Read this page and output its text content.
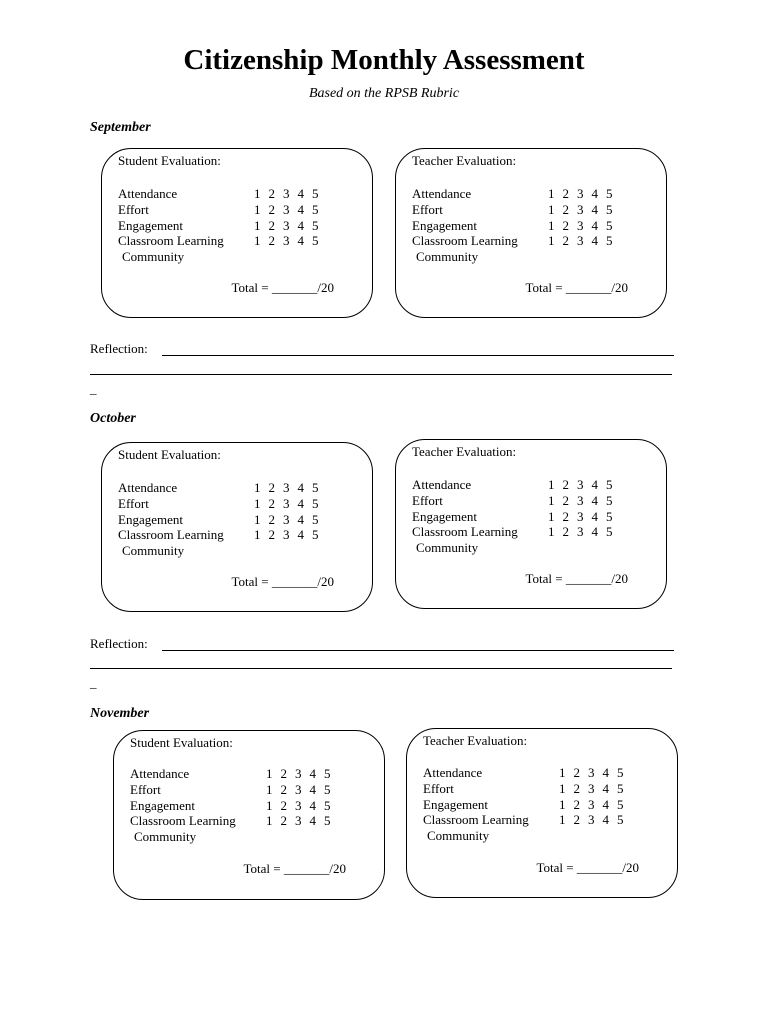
Citizenship Monthly Assessment
Based on the RPSB Rubric
September
Student Evaluation:
Attendance	1  2  3  4  5
Effort	1  2  3  4  5
Engagement	1  2  3  4  5
Classroom Learning 1  2  3  4  5
Community
Total = _______/20
Teacher Evaluation:
Attendance	1  2  3  4  5
Effort	1  2  3  4  5
Engagement	1  2  3  4  5
Classroom Learning 1  2  3  4  5
Community
Total = _______/20
Reflection:
_
October
Student Evaluation:
Attendance	1  2  3  4  5
Effort	1  2  3  4  5
Engagement	1  2  3  4  5
Classroom Learning 1  2  3  4  5
Community
Total = _______/20
Teacher Evaluation:
Attendance	1  2  3  4  5
Effort	1  2  3  4  5
Engagement	1  2  3  4  5
Classroom Learning 1  2  3  4  5
Community
Total = _______/20
Reflection:
_
November
Student Evaluation:
Attendance	1  2  3  4  5
Effort	1  2  3  4  5
Engagement	1  2  3  4  5
Classroom Learning 1  2  3  4  5
Community
Total = _______/20
Teacher Evaluation:
Attendance	1  2  3  4  5
Effort	1  2  3  4  5
Engagement	1  2  3  4  5
Classroom Learning 1  2  3  4  5
Community
Total = _______/20
